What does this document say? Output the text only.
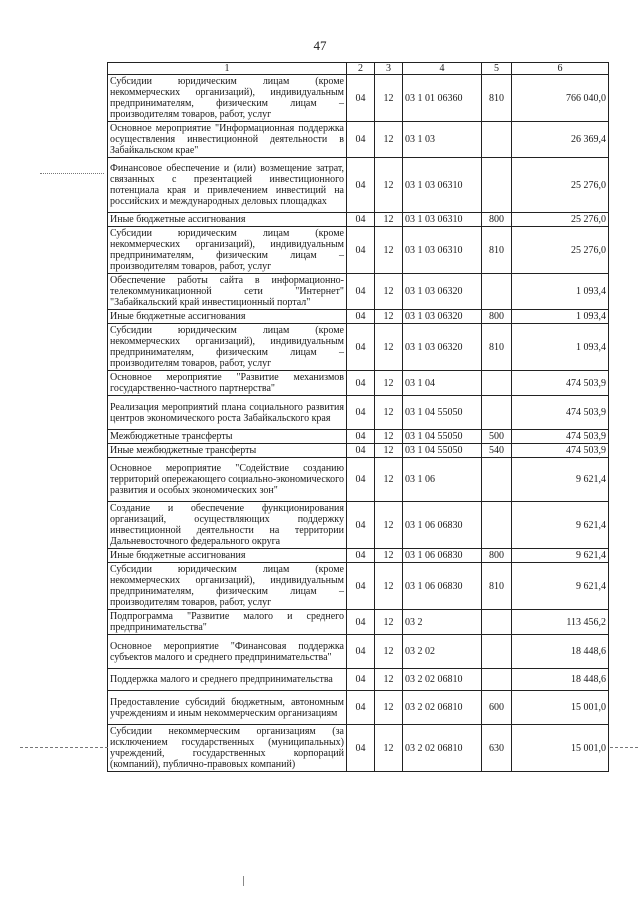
47
1	2	3	4	5	6
Субсидии юридическим лицам (кроме некоммерческих организаций), индивидуальным предпринимателям, физическим лицам – производителям товаров, работ, услуг	04	12	03 1 01 06360	810	766 040,0
Основное мероприятие "Информационная поддержка осуществления инвестиционной деятельности в Забайкальском крае"	04	12	03 1 03		26 369,4
Финансовое обеспечение и (или) возмещение затрат, связанных с презентацией инвестиционного потенциала края и привлечением инвестиций на российских и международных деловых площадках	04	12	03 1 03 06310		25 276,0
Иные бюджетные ассигнования	04	12	03 1 03 06310	800	25 276,0
Субсидии юридическим лицам (кроме некоммерческих организаций), индивидуальным предпринимателям, физическим лицам – производителям товаров, работ, услуг	04	12	03 1 03 06310	810	25 276,0
Обеспечение работы сайта в информационно-телекоммуникационной сети "Интернет" "Забайкальский край инвестиционный портал"	04	12	03 1 03 06320		1 093,4
Иные бюджетные ассигнования	04	12	03 1 03 06320	800	1 093,4
Субсидии юридическим лицам (кроме некоммерческих организаций), индивидуальным предпринимателям, физическим лицам – производителям товаров, работ, услуг	04	12	03 1 03 06320	810	1 093,4
Основное мероприятие "Развитие механизмов государственно-частного партнерства"	04	12	03 1 04		474 503,9
Реализация мероприятий плана социального развития центров экономического роста Забайкальского края	04	12	03 1 04 55050		474 503,9
Межбюджетные трансферты	04	12	03 1 04 55050	500	474 503,9
Иные межбюджетные трансферты	04	12	03 1 04 55050	540	474 503,9
Основное мероприятие "Содействие созданию территорий опережающего социально-экономического развития и особых экономических зон"	04	12	03 1 06		9 621,4
Создание и обеспечение функционирования организаций, осуществляющих поддержку инвестиционной деятельности на территории Дальневосточного федерального округа	04	12	03 1 06 06830		9 621,4
Иные бюджетные ассигнования	04	12	03 1 06 06830	800	9 621,4
Субсидии юридическим лицам (кроме некоммерческих организаций), индивидуальным предпринимателям, физическим лицам – производителям товаров, работ, услуг	04	12	03 1 06 06830	810	9 621,4
Подпрограмма "Развитие малого и среднего предпринимательства"	04	12	03 2		113 456,2
Основное мероприятие "Финансовая поддержка субъектов малого и среднего предпринимательства"	04	12	03 2 02		18 448,6
Поддержка малого и среднего предпринимательства	04	12	03 2 02 06810		18 448,6
Предоставление субсидий бюджетным, автономным учреждениям и иным некоммерческим организациям	04	12	03 2 02 06810	600	15 001,0
Субсидии некоммерческим организациям (за исключением государственных (муниципальных) учреждений, государственных корпораций (компаний), публично-правовых компаний)	04	12	03 2 02 06810	630	15 001,0
